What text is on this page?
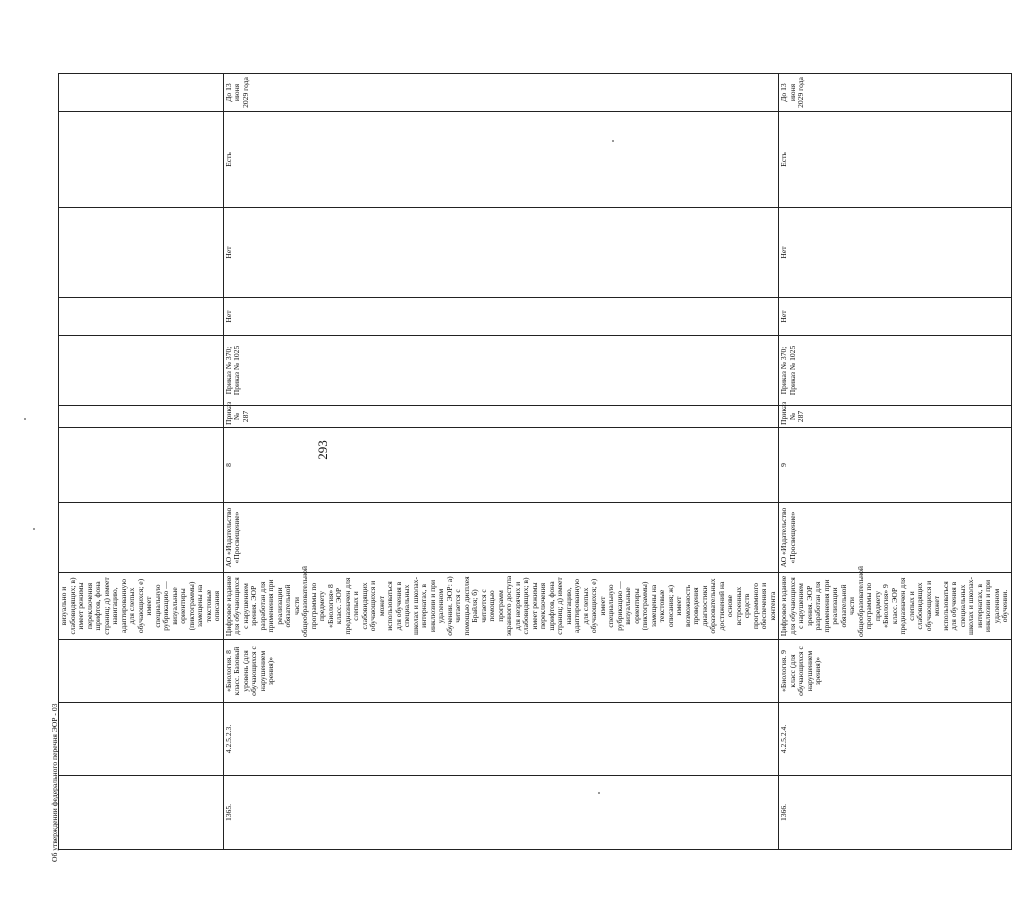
293
			визуально и слабовидящих; в) имеет режимы переключения шрифтов, фона страниц; д) имеет навигацию, адаптированную для слепых обучающихся; е) имеет специальную рубрикацию — визуальные ориентиры (пиктограммы) замещены на текстовые описания								
1365.	4.2.5.2.3.	«Биология. 8 класс. Базовый уровень (для обучающихся с нарушением зрения)»	Цифровое издание для обучающихся с нарушением зрения. ЭОР разработан для применения при реализации обязательной части общеобразовательной программы по предмету «Биология» 8 класс. ЭОР предназначен для слепых и слабовидящих обучающихся и может использоваться для обучения в специальных школах и школах-интернатах, в инклюзии и при удаленном обучении. ЭОР: а) читается с помощью дисплея Брайля; б) читается с помощью программ экранного доступа для незрячих и слабовидящих; в) имеет режимы переключения шрифтов, фона страниц; д) имеет навигацию, адаптированную для слепых обучающихся; е) имеет специальную рубрикацию — визуальные ориентиры (пиктограммы) замещены на текстовые описания; ж) имеет возможность проведения диагностики образовательных достижений на основе встроенных средств программного обеспечения и контента	АО «Издательство «Просвещение»	8	Приказ № 287	Приказ № 370; Приказ № 1025	Нет	Нет	Есть	До 13 июня 2029 года
1366.	4.2.5.2.4.	«Биология. 9 класс (для обучающихся с нарушением зрения)»	Цифровое издание для обучающихся с нарушением зрения. ЭОР разработан для применения при реализации обязательной части общеобразовательной программы по предмету «Биология» 9 класс. ЭОР предназначен для слепых и слабовидящих обучающихся и может использоваться для обучения в специальных школах и школах-интернатах, в инклюзии и при удаленном обучении.	АО «Издательство «Просвещение»	9	Приказ № 287	Приказ № 370; Приказ № 1025	Нет	Нет	Есть	До 13 июня 2029 года
Об утверждении федерального перечня ЭОР - 03
